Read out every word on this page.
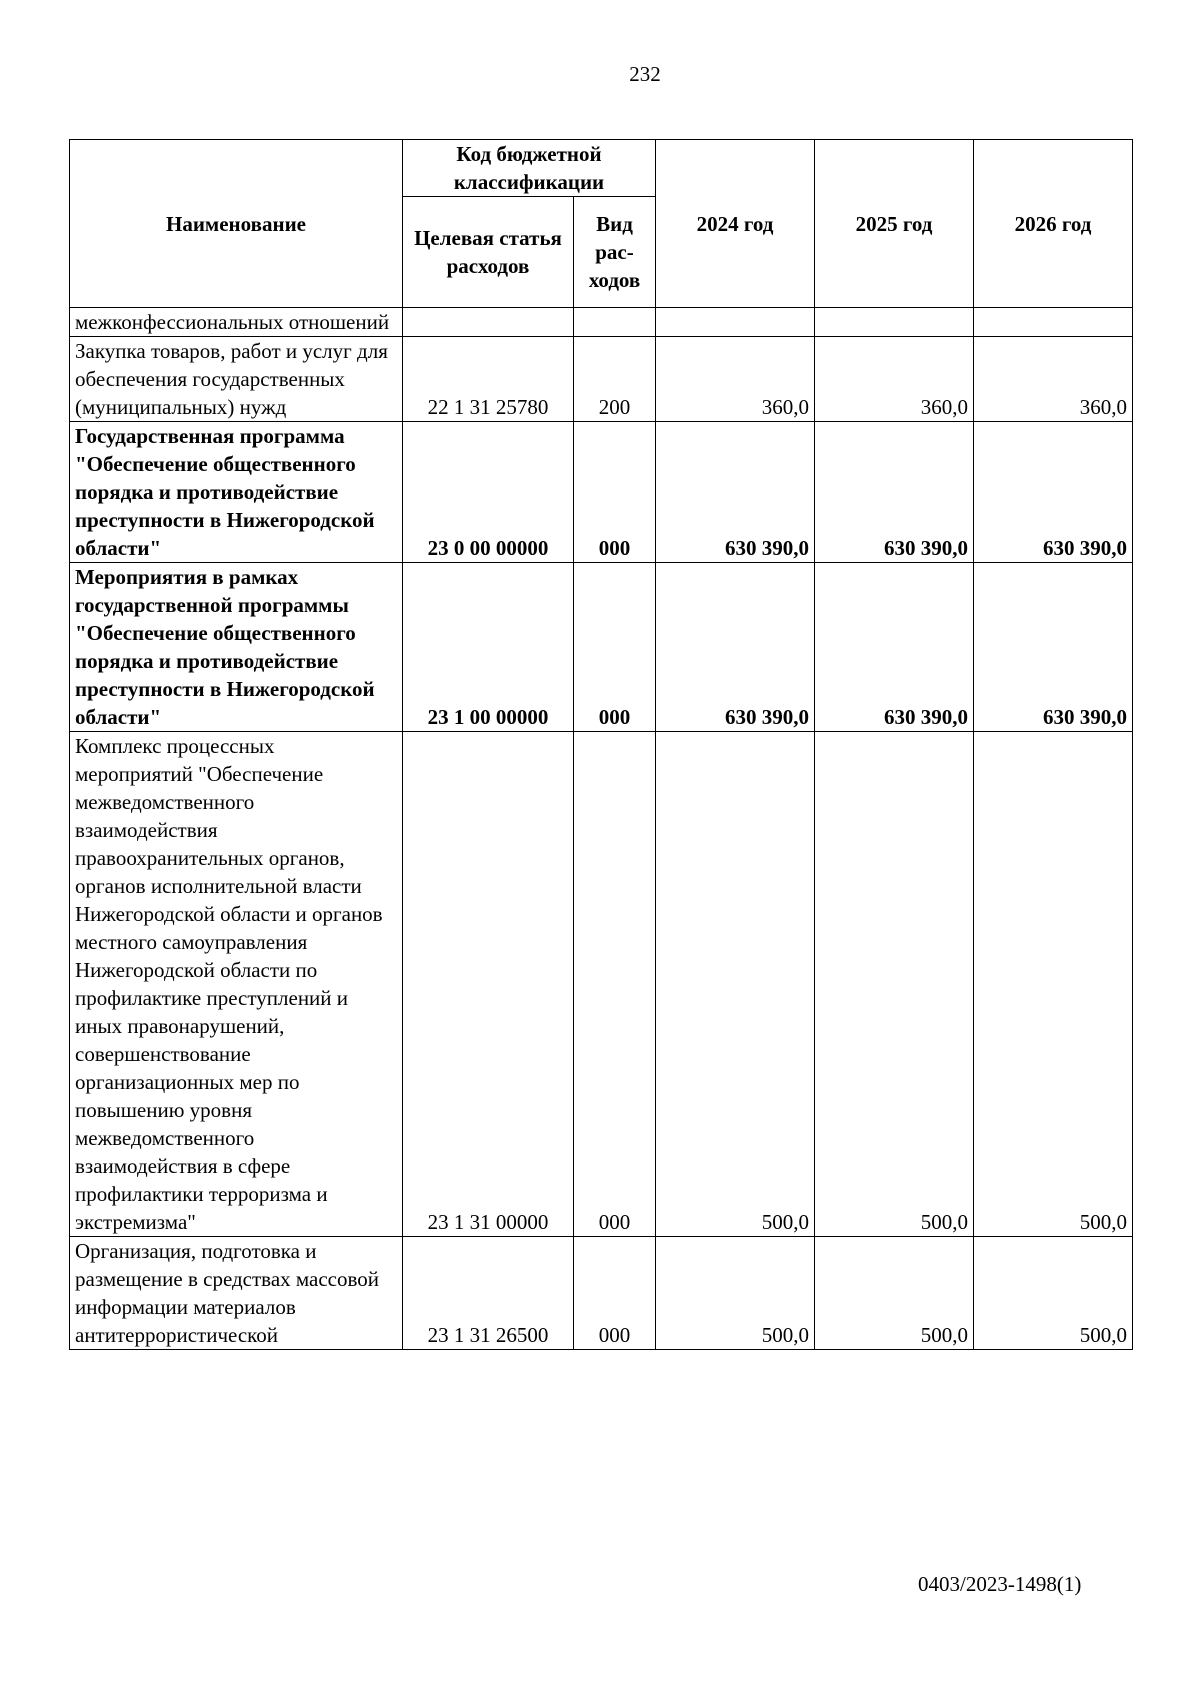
232
Наименование	Код бюджетной классификации		2024 год	2025 год	2026 год
	Целевая статья расходов	Вид рас-ходов			
межконфессиональных отношений					
Закупка товаров, работ и услуг для обеспечения государственных (муниципальных) нужд	22 1 31 25780	200	360,0	360,0	360,0
Государственная программа "Обеспечение общественного порядка и противодействие преступности в Нижегородской области"	23 0 00 00000	000	630 390,0	630 390,0	630 390,0
Мероприятия в рамках государственной программы "Обеспечение общественного порядка и противодействие преступности в Нижегородской области"	23 1 00 00000	000	630 390,0	630 390,0	630 390,0
Комплекс процессных мероприятий "Обеспечение межведомственного взаимодействия правоохранительных органов, органов исполнительной власти Нижегородской области и органов местного самоуправления Нижегородской области по профилактике преступлений и иных правонарушений, совершенствование организационных мер по повышению уровня межведомственного взаимодействия в сфере профилактики терроризма и экстремизма"	23 1 31 00000	000	500,0	500,0	500,0
Организация, подготовка и размещение в средствах массовой информации материалов антитеррористической	23 1 31 26500	000	500,0	500,0	500,0
0403/2023-1498(1)
